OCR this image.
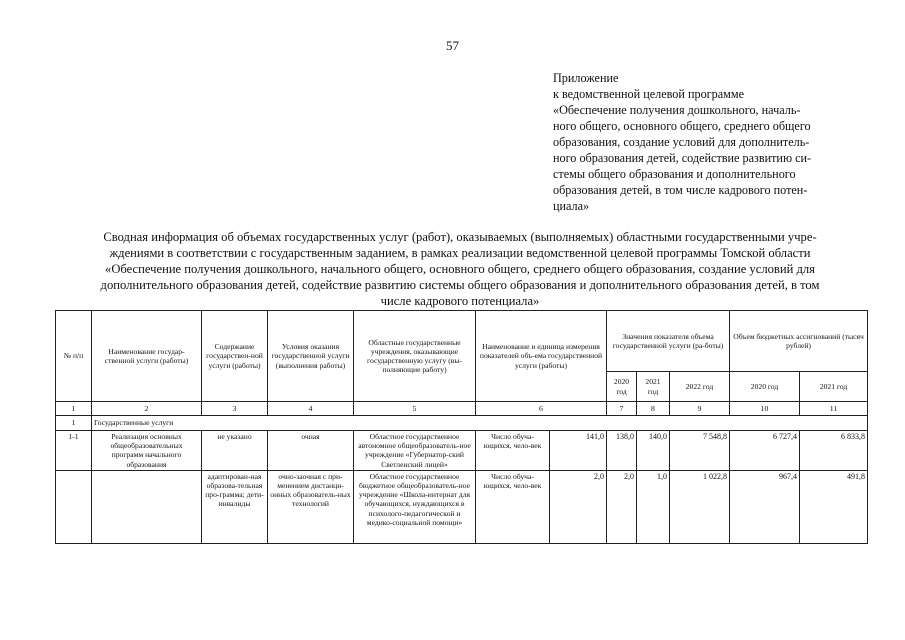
57
Приложение
к ведомственной целевой программе
«Обеспечение получения дошкольного, началь-
ного общего, основного общего, среднего общего
образования, создание условий для дополнитель-
ного образования детей, содействие развитию си-
стемы общего образования и дополнительного
образования детей, в том числе кадрового потен-
циала»
Сводная информация об объемах государственных услуг (работ), оказываемых (выполняемых) областными государственными учре-
ждениями в соответствии с государственным заданием, в рамках реализации ведомственной целевой программы Томской области
«Обеспечение получения дошкольного, начального общего, основного общего, среднего общего образования, создание условий для
дополнительного образования детей, содействие развитию системы общего образования и дополнительного образования детей, в том
числе кадрового потенциала»
№ п/п	Наименование государ-ственной услуги (работы)	Содержание государствен-ной услуги (работы)	Условия оказания государственной услуги (выполнения работы)	Областные государственные учреждения, оказывающие государственную услугу (вы-полняющие работу)	Наименование и единица измерения показателей объ-ема государственной услуги (работы)		Значения показателя объема государственной услуги (ра-боты)			Объем бюджетных ассигнований (тысяч рублей)	
							2020 год	2021 год	2022 год	2020 год	2021 год
1	2	3	4	5	6		7	8	9	10	11
1	Государственные услуги										
1-1	Реализация основных общеобразовательных программ начального образования	не указано	очная	Областное государственное автономное общеобразователь-ное учреждение «Губернатор-ский Светленский лицей»	Число обуча-ющихся, чело-век	141,0	138,0	140,0	7 548,8	6 727,4	6 833,8
		адаптирован-ная образова-тельная про-грамма; дети-инвалиды	очно-заочная с при-менением дистанци-онных образователь-ных технологий	Областное государственное бюджетное общеобразователь-ное учреждение «Школа-интернат для обучающихся, нуждающихся в психолого-педагогической и медико-социальной помощи»	Число обуча-ющихся, чело-век	2,0	2,0	1,0	1 022,8	967,4	491,8
